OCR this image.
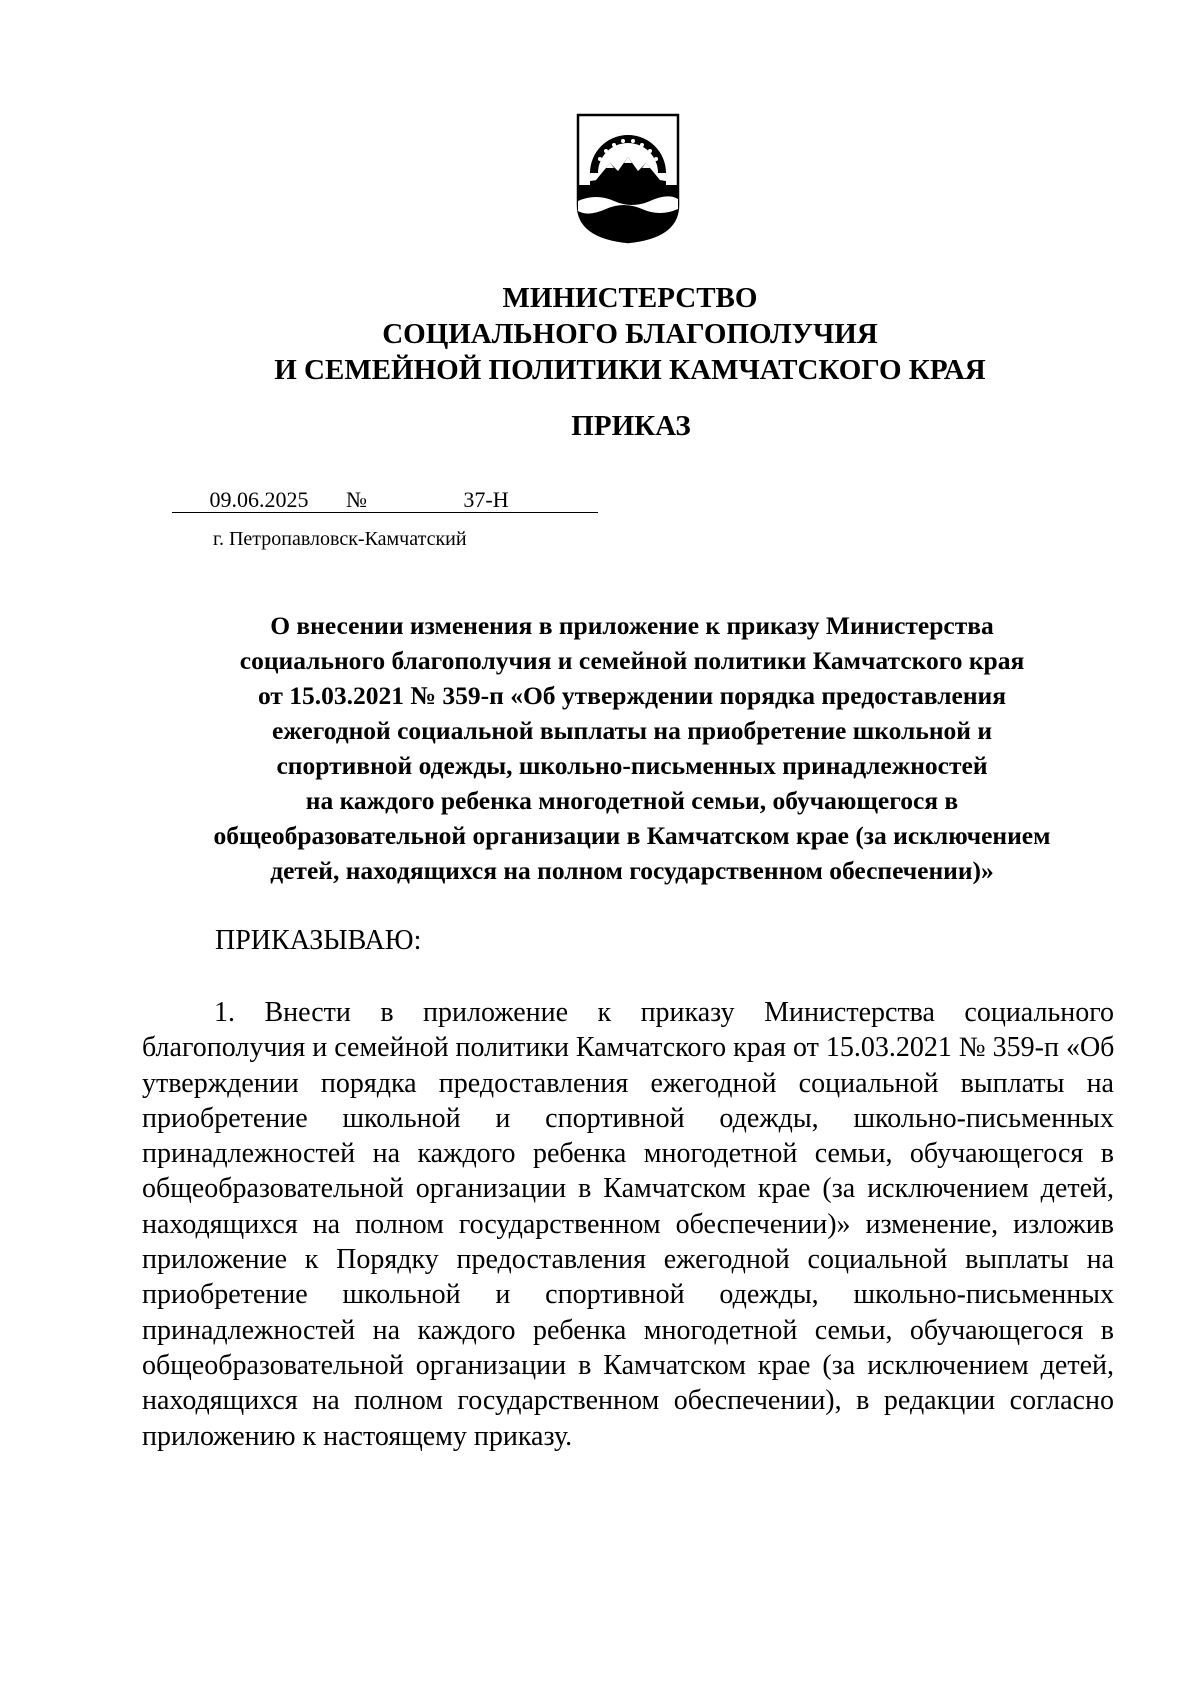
МИНИСТЕРСТВО
СОЦИАЛЬНОГО БЛАГОПОЛУЧИЯ
И СЕМЕЙНОЙ ПОЛИТИКИ КАМЧАТСКОГО КРАЯ
ПРИКАЗ
09.06.2025 №	37-Н
г. Петропавловск-Камчатский
О внесении изменения в приложение к приказу Министерства
социального благополучия и семейной политики Камчатского края
от 15.03.2021 № 359-п «Об утверждении порядка предоставления
ежегодной социальной выплаты на приобретение школьной и
спортивной одежды, школьно-письменных принадлежностей
на каждого ребенка многодетной семьи, обучающегося в
общеобразовательной организации в Камчатском крае (за исключением
детей, находящихся на полном государственном обеспечении)»
ПРИКАЗЫВАЮ:
1. Внести в приложение к приказу Министерства социального
благополучия и семейной политики Камчатского края от 15.03.2021 № 359-п «Об
утверждении порядка предоставления ежегодной социальной выплаты на
приобретение школьной и спортивной одежды, школьно-письменных
принадлежностей на каждого ребенка многодетной семьи, обучающегося в
общеобразовательной организации в Камчатском крае (за исключением детей,
находящихся на полном государственном обеспечении)» изменение, изложив
приложение к Порядку предоставления ежегодной социальной выплаты на
приобретение школьной и спортивной одежды, школьно-письменных
принадлежностей на каждого ребенка многодетной семьи, обучающегося в
общеобразовательной организации в Камчатском крае (за исключением детей,
находящихся на полном государственном обеспечении), в редакции согласно
приложению к настоящему приказу.
